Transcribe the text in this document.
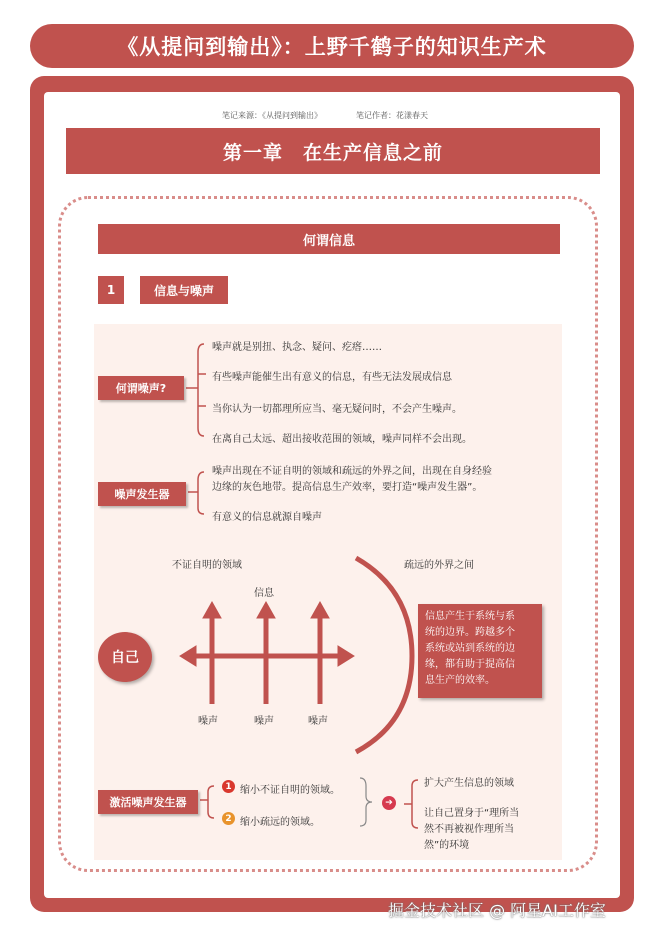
《从提问到输出》：上野千鹤子的知识生产术
笔记来源：《从提问到输出》	笔记作者：花漾春天
第一章　在生产信息之前
何谓信息
1	信息与噪声
何谓噪声?
噪声就是别扭、执念、疑问、疙瘩……
有些噪声能催生出有意义的信息，有些无法发展成信息
当你认为一切都理所应当、毫无疑问时，不会产生噪声。
在离自己太远、超出接收范围的领域，噪声同样不会出现。
噪声发生器
噪声出现在不证自明的领域和疏远的外界之间，出现在自身经验
边缘的灰色地带。提高信息生产效率，要打造“噪声发生器”。
有意义的信息就源自噪声
不证自明的领域	疏远的外界之间
信息
噪声	噪声	噪声
自己
信息产生于系统与系
统的边界。跨越多个
系统或站到系统的边
缘，都有助于提高信
息生产的效率。
激活噪声发生器
1 缩小不证自明的领域。
2 缩小疏远的领域。
➔
扩大产生信息的领域
让自己置身于“理所当
然不再被视作理所当
然”的环境
掘金技术社区 @ 阿星AI工作室
